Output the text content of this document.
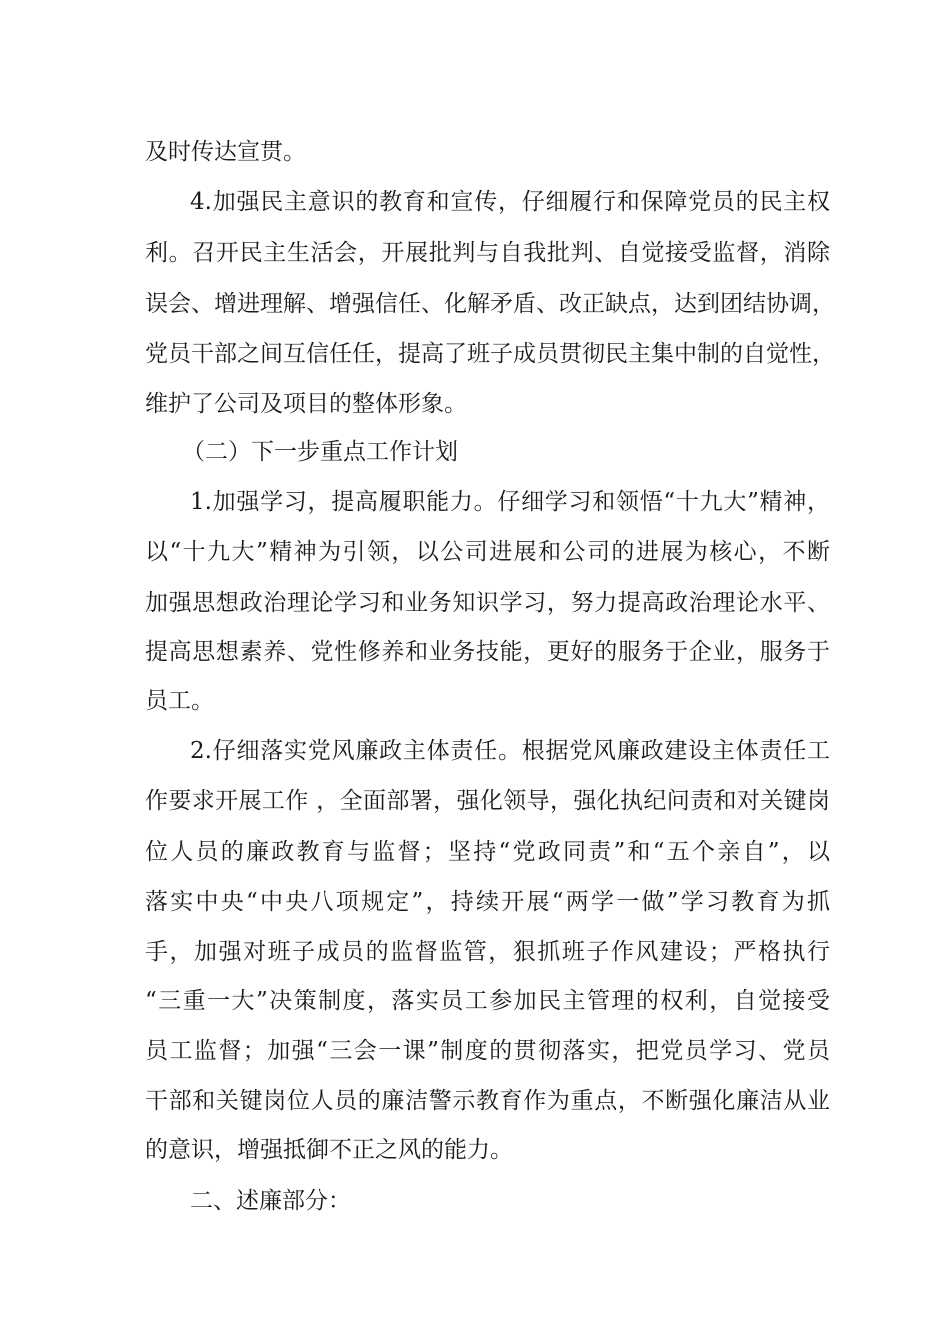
及时传达宣贯。
4.加强民主意识的教育和宣传，仔细履行和保障党员的民主权
利。召开民主生活会，开展批判与自我批判、自觉接受监督，消除
误会、增进理解、增强信任、化解矛盾、改正缺点，达到团结协调，
党员干部之间互信任任，提高了班子成员贯彻民主集中制的自觉性，
维护了公司及项目的整体形象。
（二）下一步重点工作计划
1.加强学习，提高履职能力。仔细学习和领悟“十九大”精神，
以“十九大”精神为引领，以公司进展和公司的进展为核心，不断
加强思想政治理论学习和业务知识学习，努力提高政治理论水平、
提高思想素养、党性修养和业务技能，更好的服务于企业，服务于
员工。
2.仔细落实党风廉政主体责任。根据党风廉政建设主体责任工
作要求开展工作 ，全面部署，强化领导，强化执纪问责和对关键岗
位人员的廉政教育与监督；坚持“党政同责”和“五个亲自”，以
落实中央“中央八项规定”，持续开展“两学一做”学习教育为抓
手，加强对班子成员的监督监管，狠抓班子作风建设；严格执行
“三重一大”决策制度，落实员工参加民主管理的权利，自觉接受
员工监督；加强“三会一课”制度的贯彻落实，把党员学习、党员
干部和关键岗位人员的廉洁警示教育作为重点，不断强化廉洁从业
的意识，增强抵御不正之风的能力。
二、述廉部分：
